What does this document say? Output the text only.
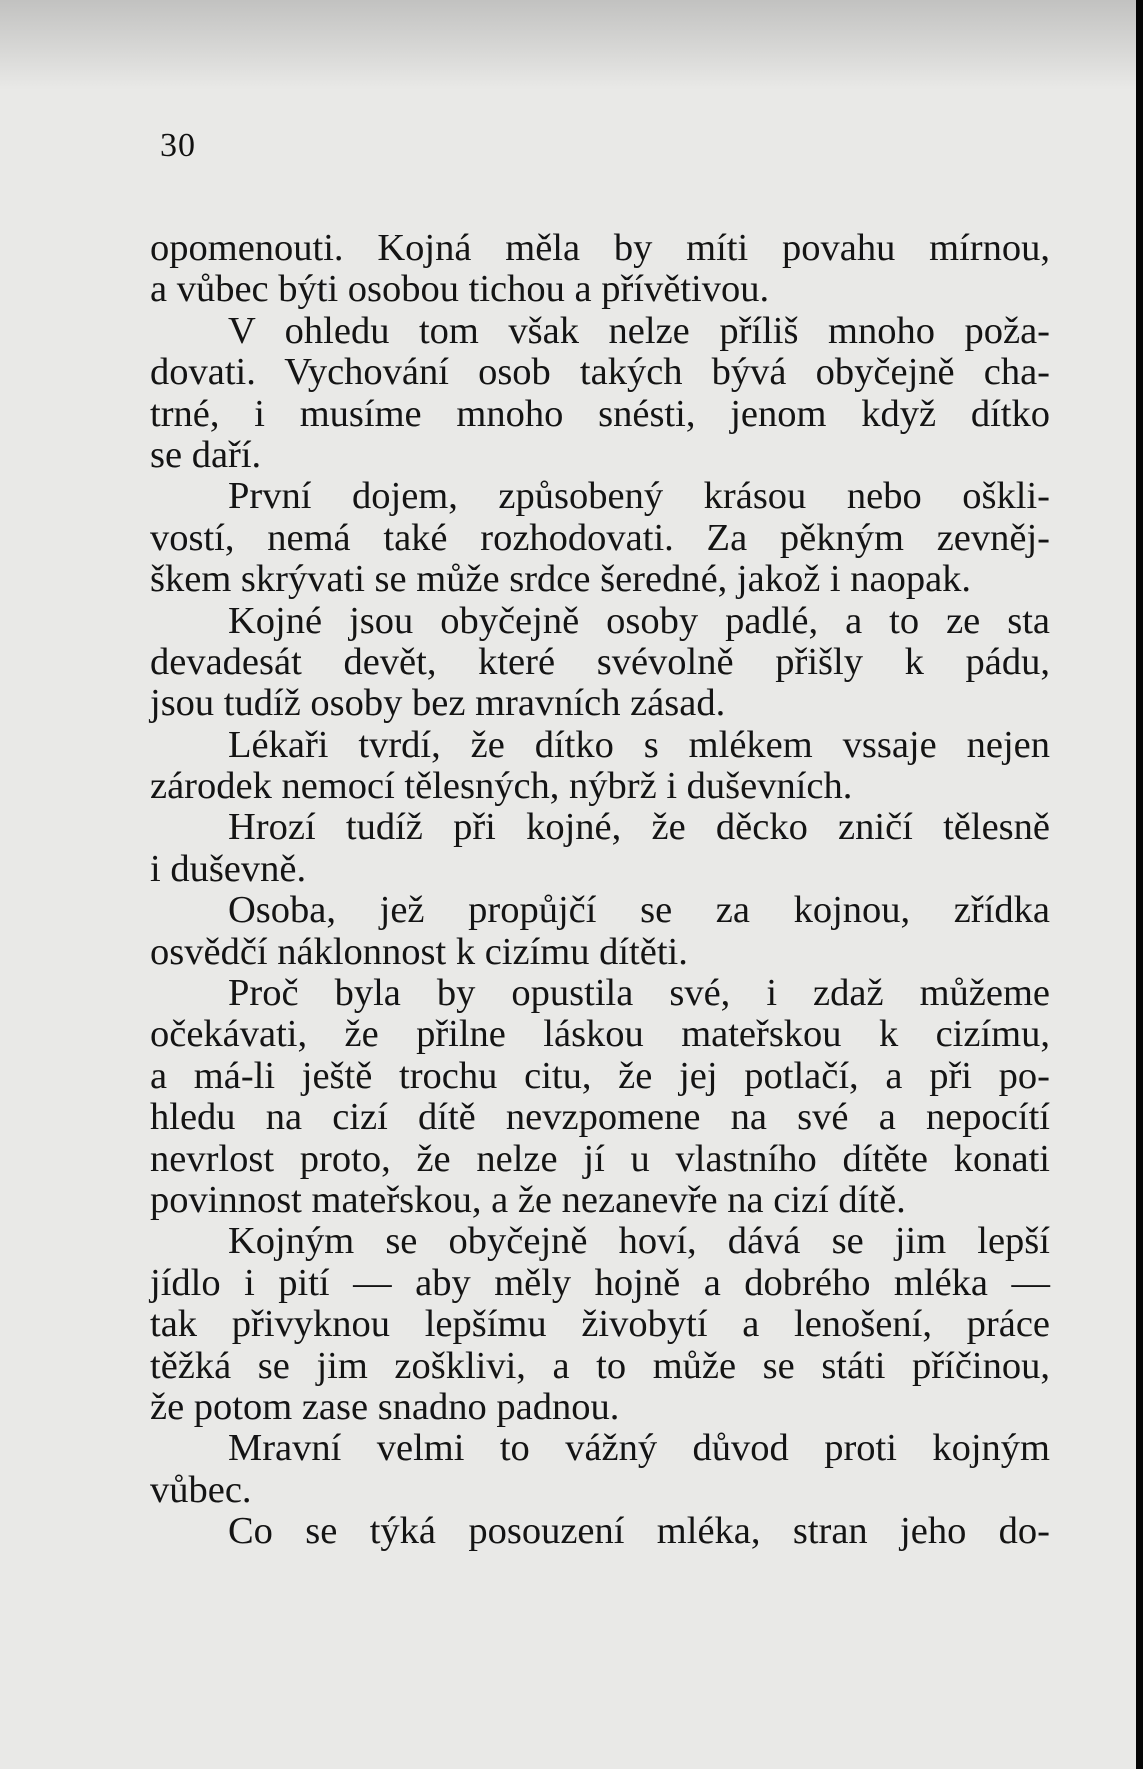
30
opomenouti. Kojná měla by míti povahu mírnou,
a vůbec býti osobou tichou a přívětivou.
V ohledu tom však nelze příliš mnoho poža-
dovati. Vychování osob takých bývá obyčejně cha-
trné, i musíme mnoho snésti, jenom když dítko
se daří.
První dojem, způsobený krásou nebo oškli-
vostí, nemá také rozhodovati. Za pěkným zevněj-
škem skrývati se může srdce šeredné, jakož i naopak.
Kojné jsou obyčejně osoby padlé, a to ze sta
devadesát devět, které svévolně přišly k pádu,
jsou tudíž osoby bez mravních zásad.
Lékaři tvrdí, že dítko s mlékem vssaje nejen
zárodek nemocí tělesných, nýbrž i duševních.
Hrozí tudíž při kojné, že děcko zničí tělesně
i duševně.
Osoba, jež propůjčí se za kojnou, zřídka
osvědčí náklonnost k cizímu dítěti.
Proč byla by opustila své, i zdaž můžeme
očekávati, že přilne láskou mateřskou k cizímu,
a má-li ještě trochu citu, že jej potlačí, a při po-
hledu na cizí dítě nevzpomene na své a nepocítí
nevrlost proto, že nelze jí u vlastního dítěte konati
povinnost mateřskou, a že nezanevře na cizí dítě.
Kojným se obyčejně hoví, dává se jim lepší
jídlo i pití — aby měly hojně a dobrého mléka —
tak přivyknou lepšímu živobytí a lenošení, práce
těžká se jim zošklivi, a to může se státi příčinou,
že potom zase snadno padnou.
Mravní velmi to vážný důvod proti kojným
vůbec.
Co se týká posouzení mléka, stran jeho do-
